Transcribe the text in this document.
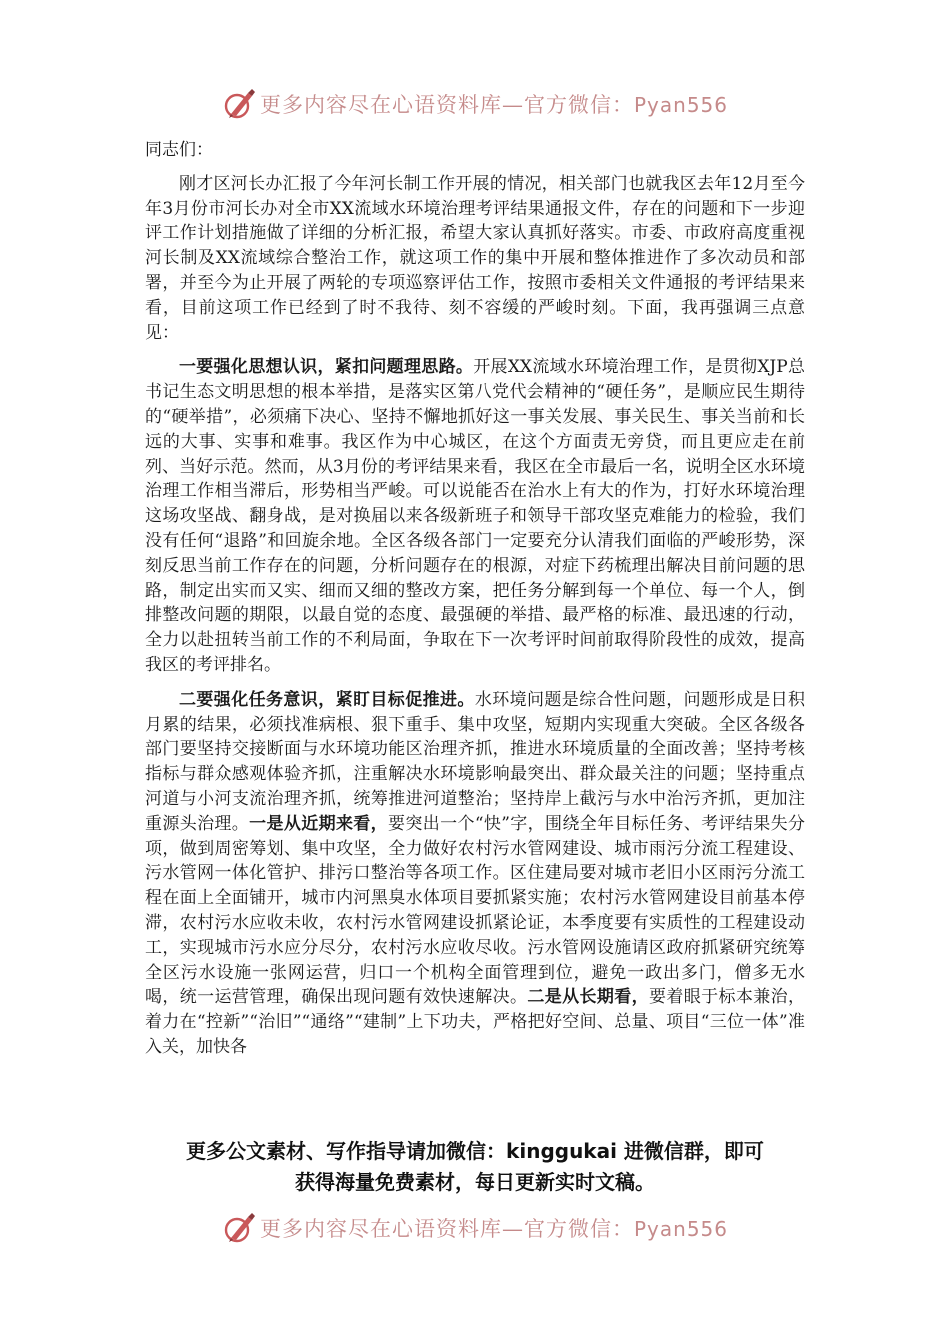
更多内容尽在心语资料库—官方微信：Pyan556

同志们：

刚才区河长办汇报了今年河长制工作开展的情况，相关部门也就我区去年12月至今年3月份市河长办对全市XX流域水环境治理考评结果通报文件，存在的问题和下一步迎评工作计划措施做了详细的分析汇报，希望大家认真抓好落实。市委、市政府高度重视河长制及XX流域综合整治工作，就这项工作的集中开展和整体推进作了多次动员和部署，并至今为止开展了两轮的专项巡察评估工作，按照市委相关文件通报的考评结果来看，目前这项工作已经到了时不我待、刻不容缓的严峻时刻。下面，我再强调三点意见：

一要强化思想认识，紧扣问题理思路。开展XX流域水环境治理工作，是贯彻XJP总书记生态文明思想的根本举措，是落实区第八党代会精神的“硬任务”，是顺应民生期待的“硬举措”，必须痛下决心、坚持不懈地抓好这一事关发展、事关民生、事关当前和长远的大事、实事和难事。我区作为中心城区，在这个方面责无旁贷，而且更应走在前列、当好示范。然而，从3月份的考评结果来看，我区在全市最后一名，说明全区水环境治理工作相当滞后，形势相当严峻。可以说能否在治水上有大的作为，打好水环境治理这场攻坚战、翻身战，是对换届以来各级新班子和领导干部攻坚克难能力的检验，我们没有任何“退路”和回旋余地。全区各级各部门一定要充分认清我们面临的严峻形势，深刻反思当前工作存在的问题，分析问题存在的根源，对症下药梳理出解决目前问题的思路，制定出实而又实、细而又细的整改方案，把任务分解到每一个单位、每一个人，倒排整改问题的期限，以最自觉的态度、最强硬的举措、最严格的标准、最迅速的行动，全力以赴扭转当前工作的不利局面，争取在下一次考评时间前取得阶段性的成效，提高我区的考评排名。

二要强化任务意识，紧盯目标促推进。水环境问题是综合性问题，问题形成是日积月累的结果，必须找准病根、狠下重手、集中攻坚，短期内实现重大突破。全区各级各部门要坚持交接断面与水环境功能区治理齐抓，推进水环境质量的全面改善；坚持考核指标与群众感观体验齐抓，注重解决水环境影响最突出、群众最关注的问题；坚持重点河道与小河支流治理齐抓，统筹推进河道整治；坚持岸上截污与水中治污齐抓，更加注重源头治理。一是从近期来看，要突出一个“快”字，围绕全年目标任务、考评结果失分项，做到周密筹划、集中攻坚，全力做好农村污水管网建设、城市雨污分流工程建设、污水管网一体化管护、排污口整治等各项工作。区住建局要对城市老旧小区雨污分流工程在面上全面铺开，城市内河黑臭水体项目要抓紧实施；农村污水管网建设目前基本停滞，农村污水应收未收，农村污水管网建设抓紧论证，本季度要有实质性的工程建设动工，实现城市污水应分尽分，农村污水应收尽收。污水管网设施请区政府抓紧研究统筹全区污水设施一张网运营，归口一个机构全面管理到位，避免一政出多门，僧多无水喝，统一运营管理，确保出现问题有效快速解决。二是从长期看，要着眼于标本兼治，着力在“控新”“治旧”“通络”“建制”上下功夫，严格把好空间、总量、项目“三位一体”准入关，加快各

更多公文素材、写作指导请加微信：kinggukai 进微信群，即可
获得海量免费素材，每日更新实时文稿。
更多内容尽在心语资料库—官方微信：Pyan556
